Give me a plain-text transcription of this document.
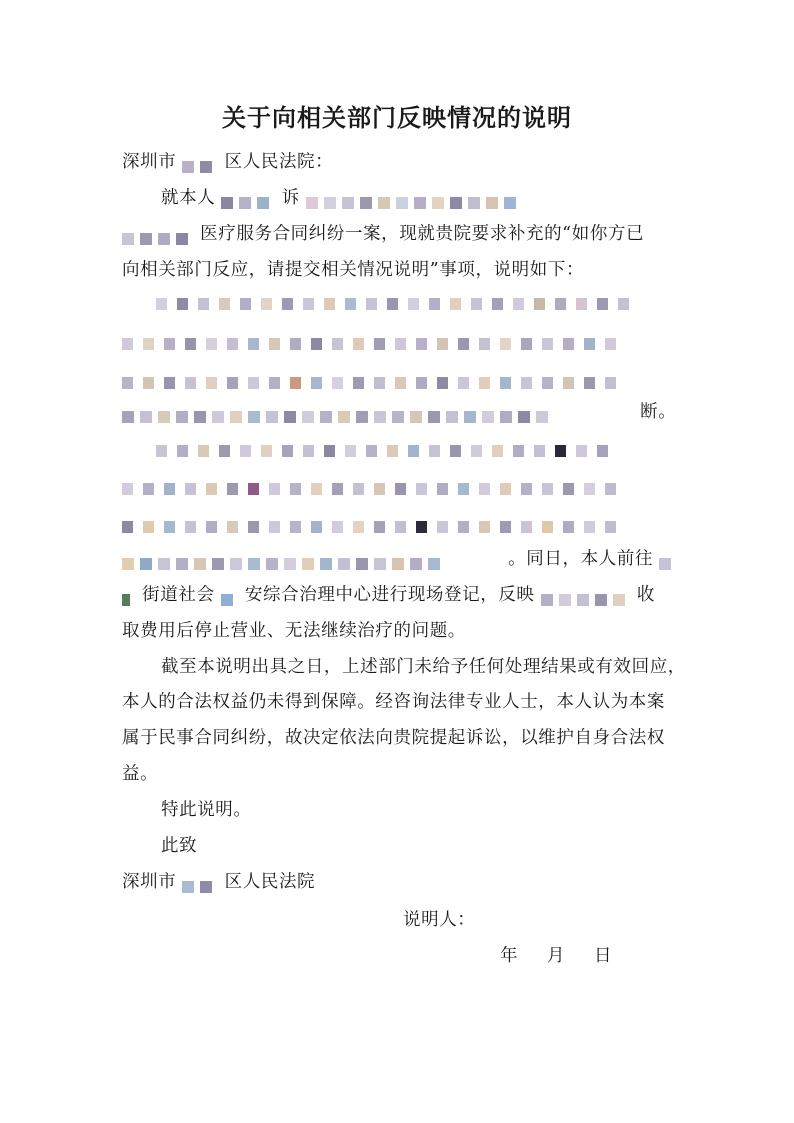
关于向相关部门反映情况的说明
深圳市	区人民法院：
就本人	诉
医疗服务合同纠纷一案，现就贵院要求补充的“如你方已
向相关部门反应，请提交相关情况说明”事项，说明如下：
断。
。同日，本人前往
街道社会 安综合治理中心进行现场登记，反映	收
取费用后停止营业、无法继续治疗的问题。
截至本说明出具之日，上述部门未给予任何处理结果或有效回应，
本人的合法权益仍未得到保障。经咨询法律专业人士，本人认为本案
属于民事合同纠纷，故决定依法向贵院提起诉讼，以维护自身合法权
益。
特此说明。
此致
深圳市	区人民法院
说明人：
年 月 日
